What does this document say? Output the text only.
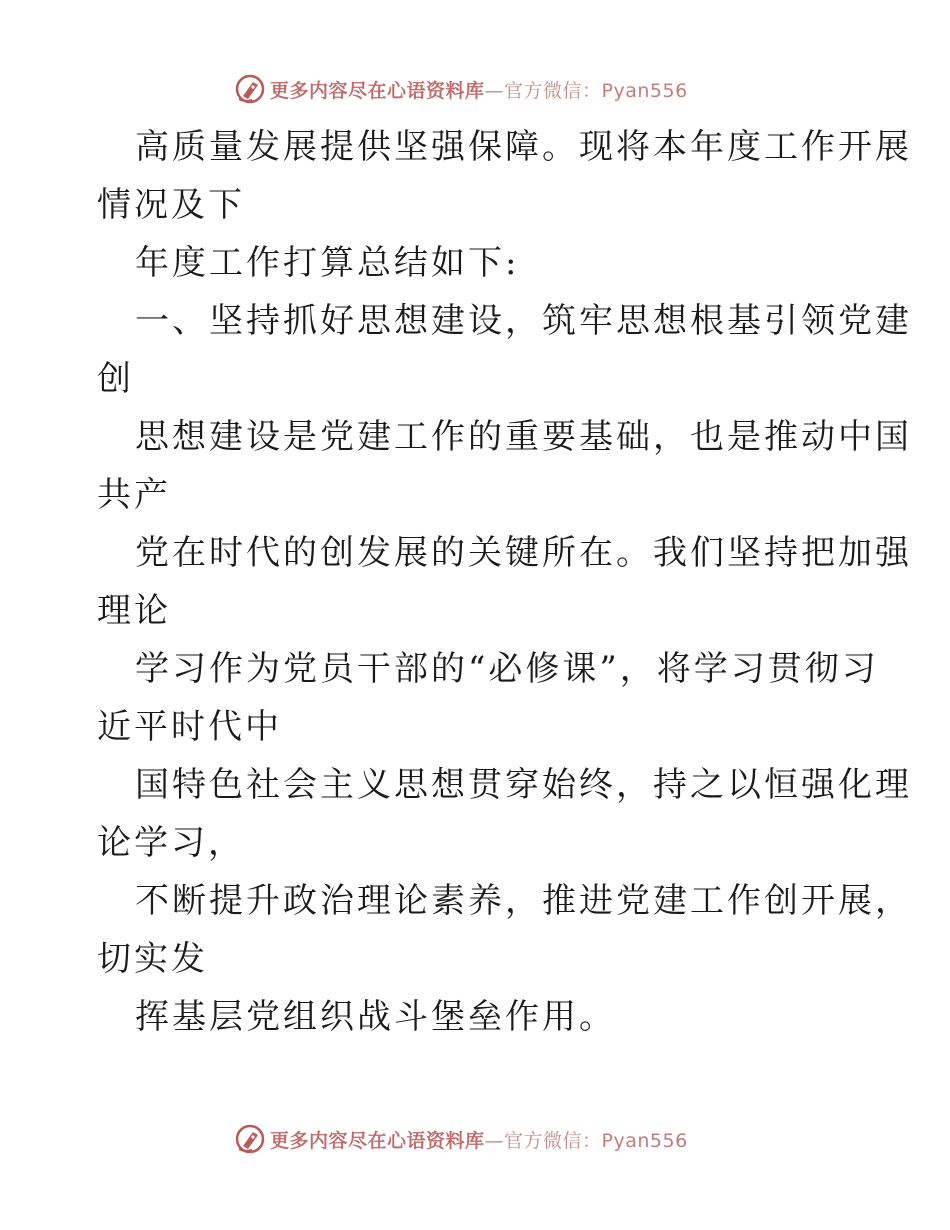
更多内容尽在心语资料库—官方微信：Pyan556
高质量发展提供坚强保障。现将本年度工作开展
情况及下
年度工作打算总结如下:
一、坚持抓好思想建设，筑牢思想根基引领党建
创
思想建设是党建工作的重要基础，也是推动中国
共产
党在时代的创发展的关键所在。我们坚持把加强
理论
学习作为党员干部的“必修课”，将学习贯彻习
近平时代中
国特色社会主义思想贯穿始终，持之以恒强化理
论学习，
不断提升政治理论素养，推进党建工作创开展，
切实发
挥基层党组织战斗堡垒作用。
更多内容尽在心语资料库—官方微信：Pyan556
